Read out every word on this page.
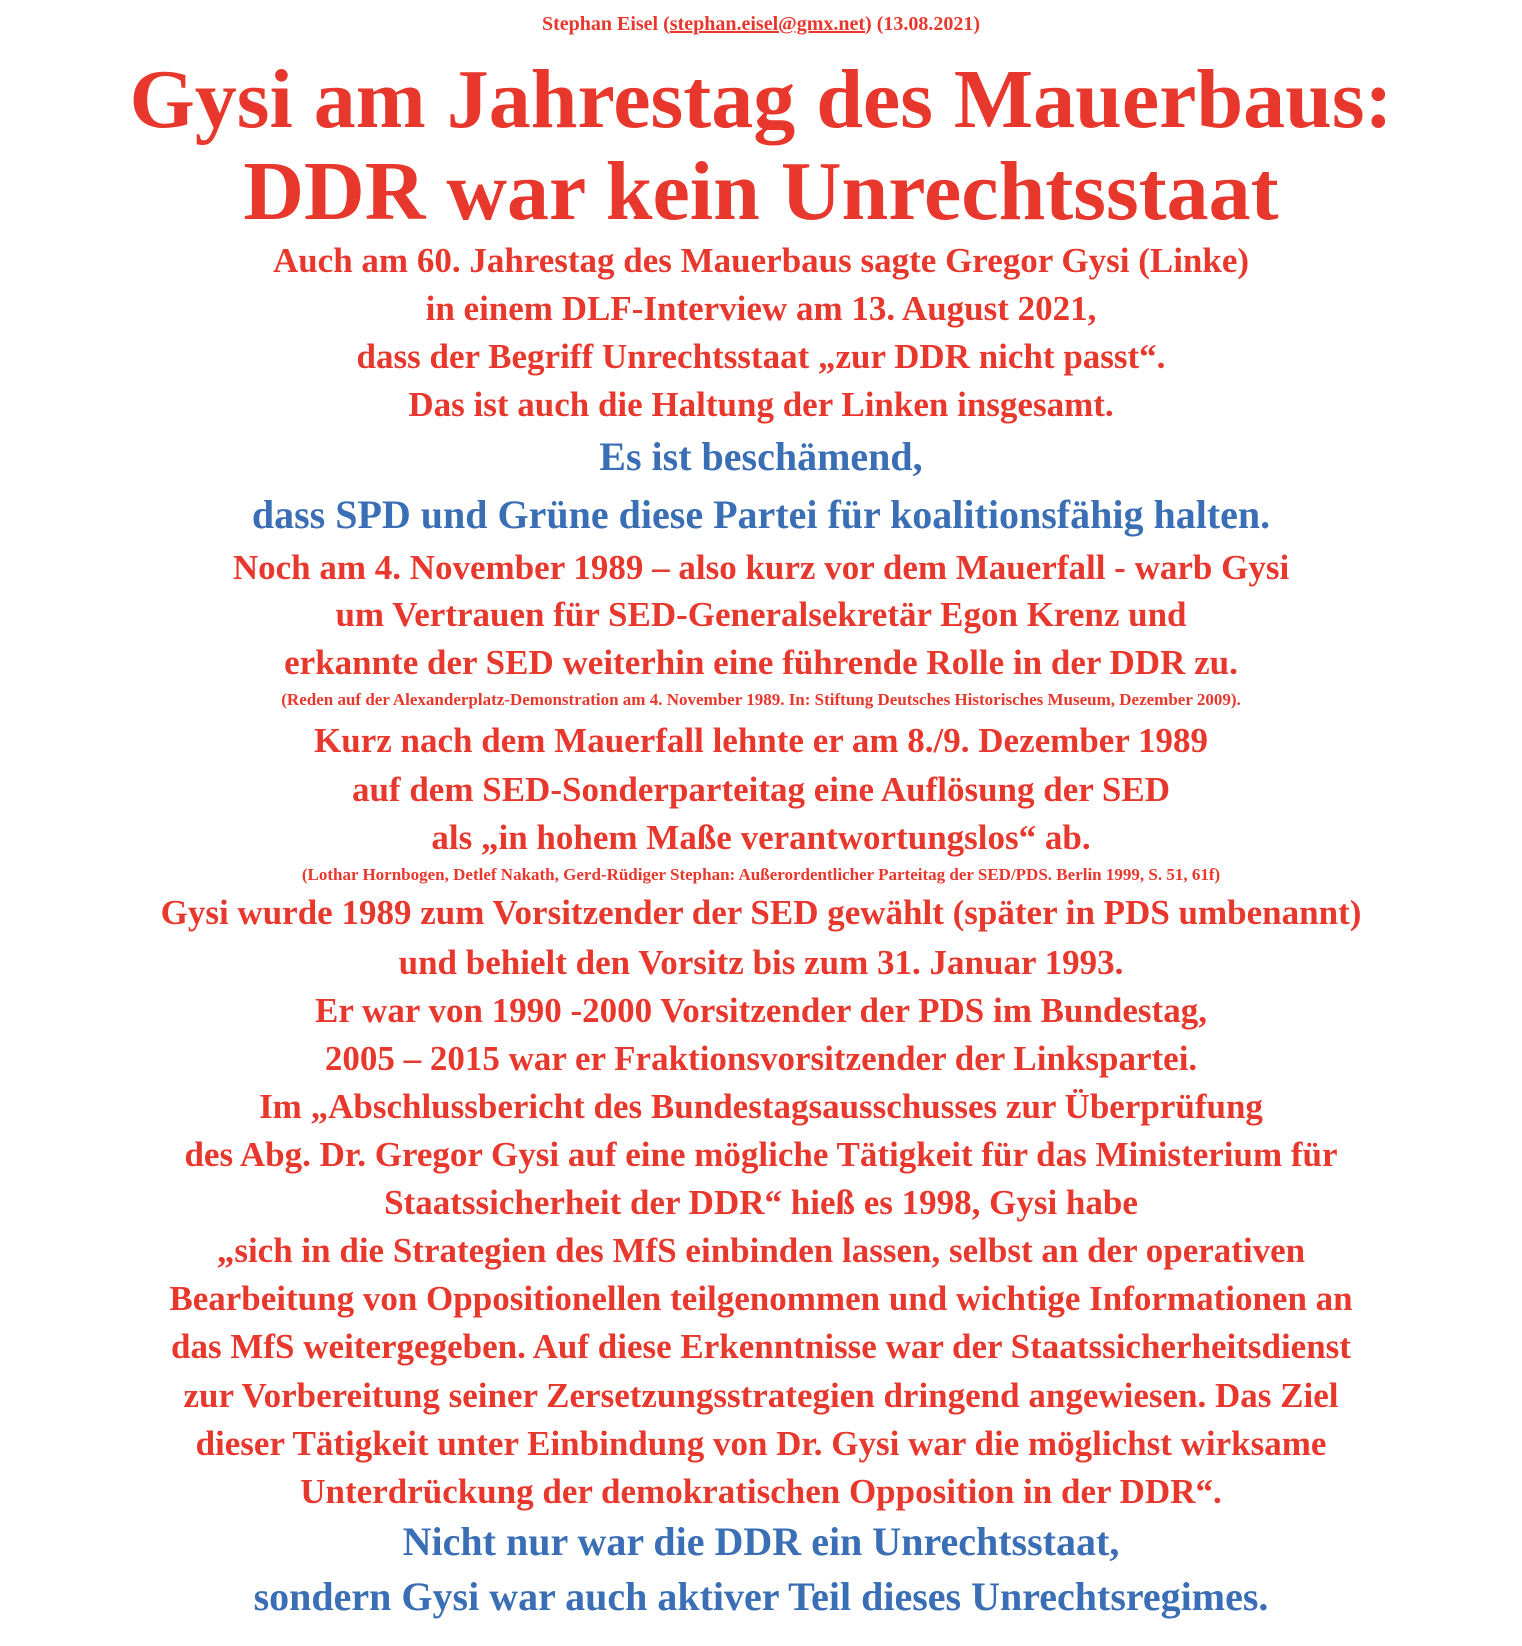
Stephan Eisel (stephan.eisel@gmx.net) (13.08.2021)
Gysi am Jahrestag des Mauerbaus:
DDR war kein Unrechtsstaat
Auch am 60. Jahrestag des Mauerbaus sagte Gregor Gysi (Linke)
in einem DLF-Interview am 13. August 2021,
dass der Begriff Unrechtsstaat „zur DDR nicht passt“.
Das ist auch die Haltung der Linken insgesamt.
Es ist beschämend,
dass SPD und Grüne diese Partei für koalitionsfähig halten.
Noch am 4. November 1989 – also kurz vor dem Mauerfall - warb Gysi
um Vertrauen für SED-Generalsekretär Egon Krenz und
erkannte der SED weiterhin eine führende Rolle in der DDR zu.
(Reden auf der Alexanderplatz-Demonstration am 4. November 1989. In: Stiftung Deutsches Historisches Museum, Dezember 2009).
Kurz nach dem Mauerfall lehnte er am 8./9. Dezember 1989
auf dem SED-Sonderparteitag eine Auflösung der SED
als „in hohem Maße verantwortungslos“ ab.
(Lothar Hornbogen, Detlef Nakath, Gerd-Rüdiger Stephan: Außerordentlicher Parteitag der SED/PDS. Berlin 1999, S. 51, 61f)
Gysi wurde 1989 zum Vorsitzender der SED gewählt (später in PDS umbenannt)
und behielt den Vorsitz bis zum 31. Januar 1993.
Er war von 1990 -2000 Vorsitzender der PDS im Bundestag,
2005 – 2015 war er Fraktionsvorsitzender der Linkspartei.
Im „Abschlussbericht des Bundestagsausschusses zur Überprüfung
des Abg. Dr. Gregor Gysi auf eine mögliche Tätigkeit für das Ministerium für
Staatssicherheit der DDR“ hieß es 1998, Gysi habe
„sich in die Strategien des MfS einbinden lassen, selbst an der operativen
Bearbeitung von Oppositionellen teilgenommen und wichtige Informationen an
das MfS weitergegeben. Auf diese Erkenntnisse war der Staatssicherheitsdienst
zur Vorbereitung seiner Zersetzungsstrategien dringend angewiesen. Das Ziel
dieser Tätigkeit unter Einbindung von Dr. Gysi war die möglichst wirksame
Unterdrückung der demokratischen Opposition in der DDR“.
Nicht nur war die DDR ein Unrechtsstaat,
sondern Gysi war auch aktiver Teil dieses Unrechtsregimes.
